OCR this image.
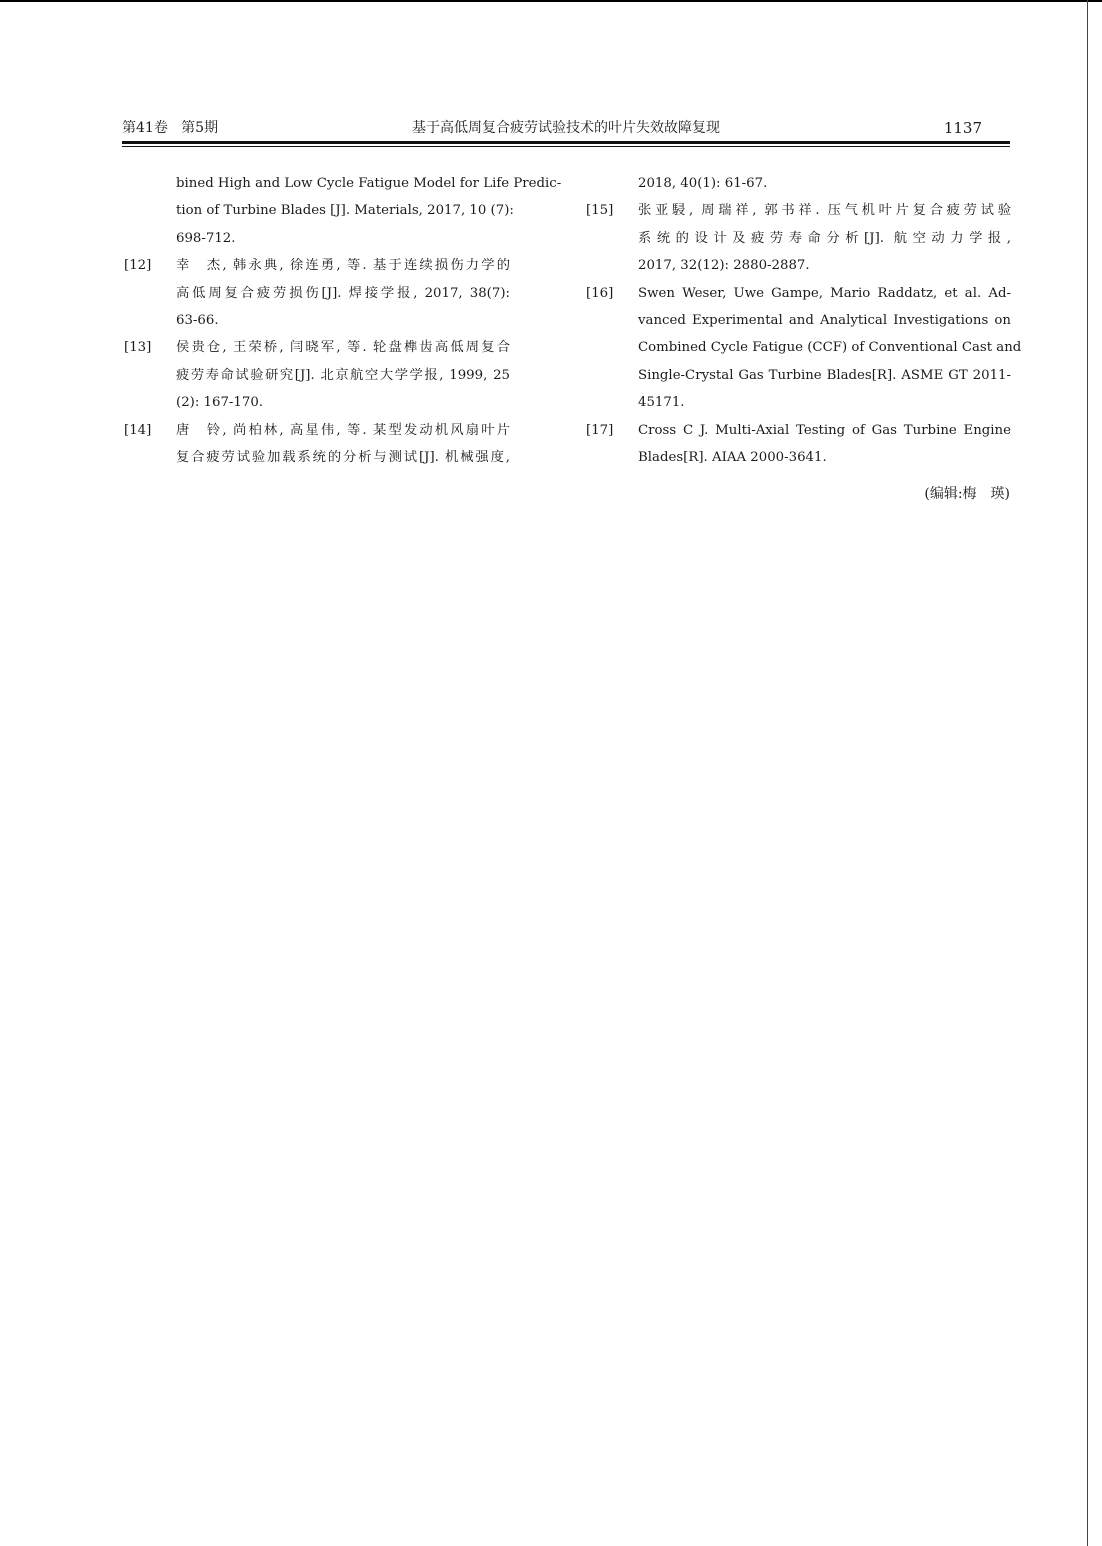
第41卷   第5期	基于高低周复合疲劳试验技术的叶片失效故障复现	1137
bined High and Low Cycle Fatigue Model for Life Predic-
tion of Turbine Blades [J]. Materials, 2017, 10 (7):
698-712.
[12] 幸　杰, 韩永典, 徐连勇, 等. 基于连续损伤力学的
高低周复合疲劳损伤[J]. 焊接学报, 2017, 38(7):
63-66.
[13] 侯贵仓, 王荣桥, 闫晓军, 等. 轮盘榫齿高低周复合
疲劳寿命试验研究[J]. 北京航空大学学报, 1999, 25
(2): 167-170.
[14] 唐　铃, 尚柏林, 高星伟, 等. 某型发动机风扇叶片
复合疲劳试验加载系统的分析与测试[J]. 机械强度,
2018, 40(1): 61-67.
[15] 张亚駸, 周瑞祥, 郭书祥. 压气机叶片复合疲劳试验
系统的设计及疲劳寿命分析[J]. 航空动力学报,
2017, 32(12): 2880-2887.
[16] Swen Weser, Uwe Gampe, Mario Raddatz, et al. Ad-
vanced Experimental and Analytical Investigations on
Combined Cycle Fatigue (CCF) of Conventional Cast and
Single-Crystal Gas Turbine Blades[R]. ASME GT 2011-
45171.
[17] Cross C J. Multi-Axial Testing of Gas Turbine Engine
Blades[R]. AIAA 2000-3641.
(编辑:梅　瑛)
